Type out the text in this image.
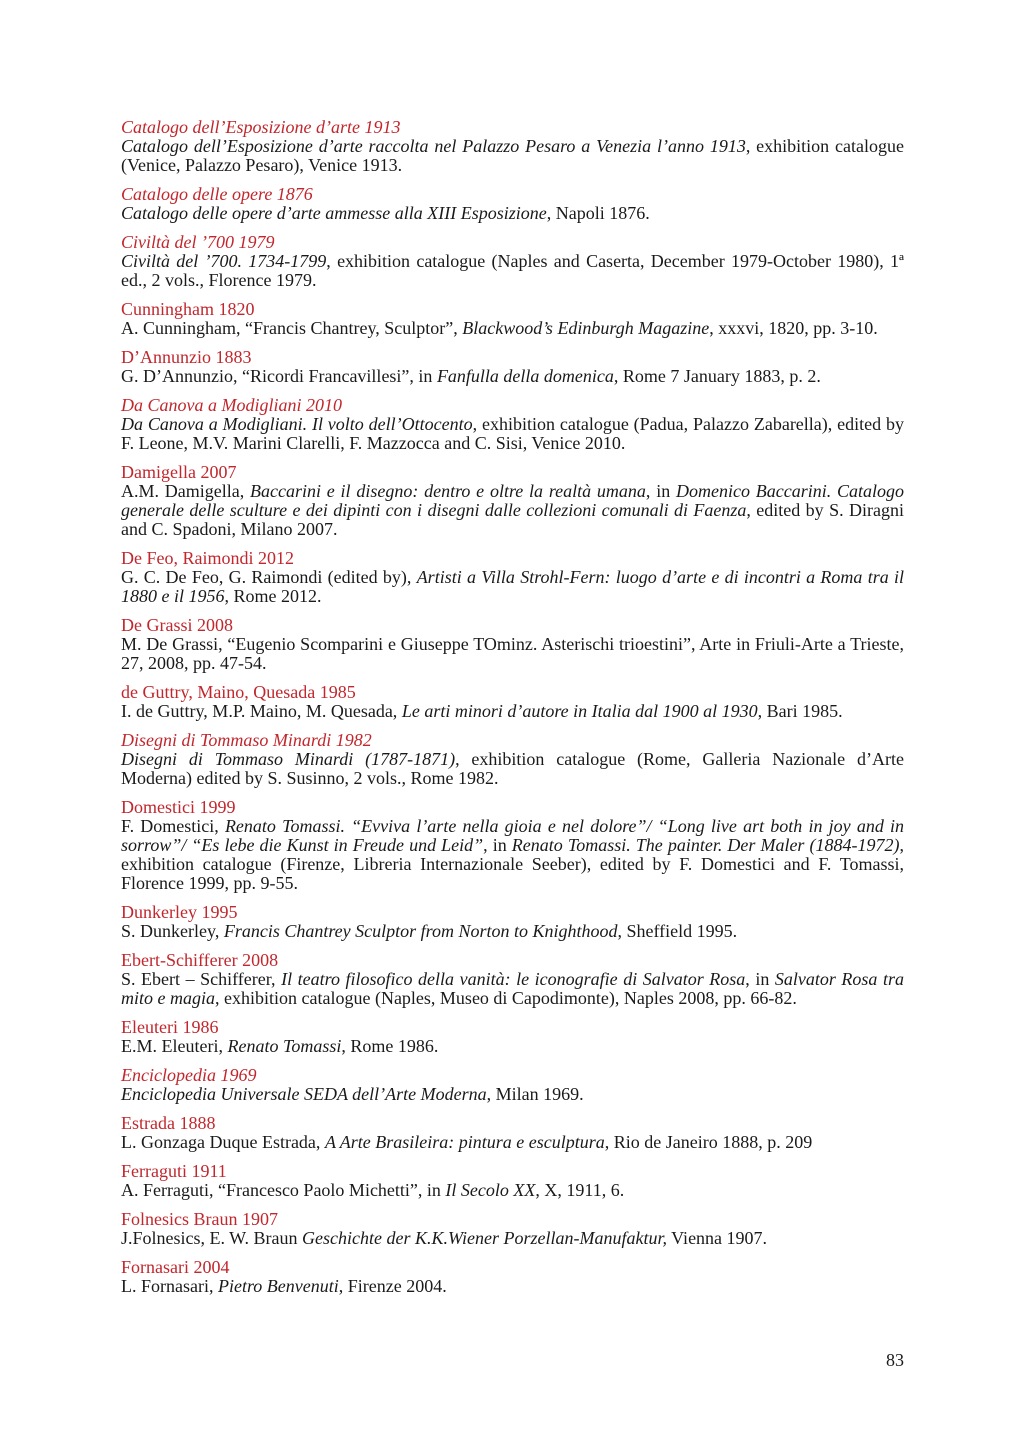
Catalogo dell’Esposizione d’arte 1913
Catalogo dell’Esposizione d’arte raccolta nel Palazzo Pesaro a Venezia l’anno 1913, exhibition catalogue (Venice, Palazzo Pesaro), Venice 1913.
Catalogo delle opere 1876
Catalogo delle opere d’arte ammesse alla XIII Esposizione, Napoli 1876.
Civiltà del ’700 1979
Civiltà del ’700. 1734-1799, exhibition catalogue (Naples and Caserta, December 1979-October 1980), 1ª ed., 2 vols., Florence 1979.
Cunningham 1820
A. Cunningham, “Francis Chantrey, Sculptor”, Blackwood’s Edinburgh Magazine, xxxvi, 1820, pp. 3-10.
D’Annunzio 1883
G. D’Annunzio, “Ricordi Francavillesi”, in Fanfulla della domenica, Rome 7 January 1883, p. 2.
Da Canova a Modigliani 2010
Da Canova a Modigliani. Il volto dell’Ottocento, exhibition catalogue (Padua, Palazzo Zabarella), edited by F. Leone, M.V. Marini Clarelli, F. Mazzocca and C. Sisi, Venice 2010.
Damigella 2007
A.M. Damigella, Baccarini e il disegno: dentro e oltre la realtà umana, in Domenico Baccarini. Catalogo generale delle sculture e dei dipinti con i disegni dalle collezioni comunali di Faenza, edited by S. Diragni and C. Spadoni, Milano 2007.
De Feo, Raimondi 2012
G. C. De Feo, G. Raimondi (edited by), Artisti a Villa Strohl-Fern: luogo d’arte e di incontri a Roma tra il 1880 e il 1956, Rome 2012.
De Grassi 2008
M. De Grassi, “Eugenio Scomparini e Giuseppe TOminz. Asterischi trioestini”, Arte in Friuli-Arte a Trieste, 27, 2008, pp. 47-54.
de Guttry, Maino, Quesada 1985
I. de Guttry, M.P. Maino, M. Quesada, Le arti minori d’autore in Italia dal 1900 al 1930, Bari 1985.
Disegni di Tommaso Minardi 1982
Disegni di Tommaso Minardi (1787-1871), exhibition catalogue (Rome, Galleria Nazionale d’Arte Moderna) edited by S. Susinno, 2 vols., Rome 1982.
Domestici 1999
F. Domestici, Renato Tomassi. “Evviva l’arte nella gioia e nel dolore”/ “Long live art both in joy and in sorrow”/ “Es lebe die Kunst in Freude und Leid”, in Renato Tomassi. The painter. Der Maler (1884-1972), exhibition catalogue (Firenze, Libreria Internazionale Seeber), edited by F. Domestici and F. Tomassi, Florence 1999, pp. 9-55.
Dunkerley 1995
S. Dunkerley, Francis Chantrey Sculptor from Norton to Knighthood, Sheffield 1995.
Ebert-Schifferer 2008
S. Ebert – Schifferer, Il teatro filosofico della vanità: le iconografie di Salvator Rosa, in Salvator Rosa tra mito e magia, exhibition catalogue (Naples, Museo di Capodimonte), Naples 2008, pp. 66-82.
Eleuteri 1986
E.M. Eleuteri, Renato Tomassi, Rome 1986.
Enciclopedia 1969
Enciclopedia Universale SEDA dell’Arte Moderna, Milan 1969.
Estrada 1888
L. Gonzaga Duque Estrada, A Arte Brasileira: pintura e esculptura, Rio de Janeiro 1888, p. 209
Ferraguti 1911
A. Ferraguti, “Francesco Paolo Michetti”, in Il Secolo XX, X, 1911, 6.
Folnesics Braun 1907
J.Folnesics, E. W. Braun Geschichte der K.K.Wiener Porzellan-Manufaktur, Vienna 1907.
Fornasari 2004
L. Fornasari, Pietro Benvenuti, Firenze 2004.
83
